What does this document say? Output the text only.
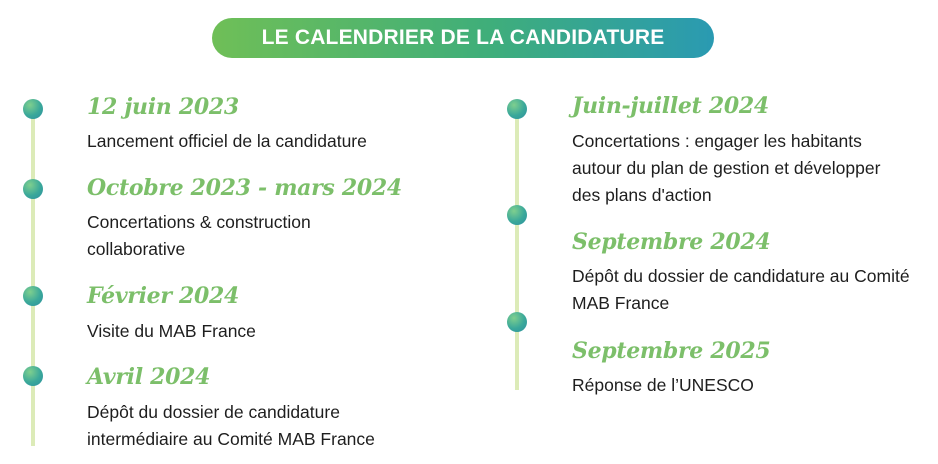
LE CALENDRIER DE LA CANDIDATURE
12 juin 2023
Lancement officiel de la candidature
Octobre 2023 - mars 2024
Concertations & construction collaborative
Février 2024
Visite du MAB France
Avril 2024
Dépôt du dossier de candidature intermédiaire au Comité MAB France
Juin-juillet 2024
Concertations : engager les habitants autour du plan de gestion et développer des plans d'action
Septembre 2024
Dépôt du dossier de candidature au Comité MAB France
Septembre 2025
Réponse de l’UNESCO
